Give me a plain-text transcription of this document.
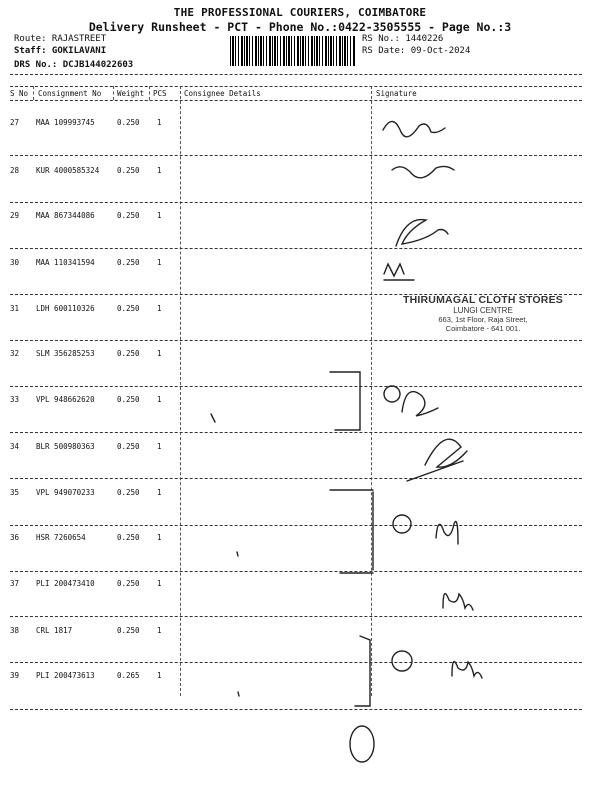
THE PROFESSIONAL COURIERS, COIMBATORE
Delivery Runsheet - PCT - Phone No.:0422-3505555 - Page No.:3
Route: RAJASTREET
Staff: GOKILAVANI
DRS No.: DCJB144022603
RS No.: 1440226
RS Date: 09-Oct-2024
S No Consignment No Weight PCS Consignee Details	Signature
27 MAA 109993745	0.250 1
28 KUR 4000585324 0.250 1
29 MAA 867344086	0.250 1
30 MAA 110341594	0.250 1
31 LDH 600110326	0.250 1
32 SLM 356285253	0.250 1
33 VPL 948662620	0.250 1
34 BLR 500980363	0.250 1
35 VPL 949070233	0.250 1
36 HSR 7260654	0.250 1
37 PLI 200473410	0.250 1
38 CRL 1817	0.250 1
39 PLI 200473613	0.265 1
THIRUMAGAL CLOTH STORES
LUNGI CENTRE
663, 1st Floor, Raja Street,
Coimbatore - 641 001.
